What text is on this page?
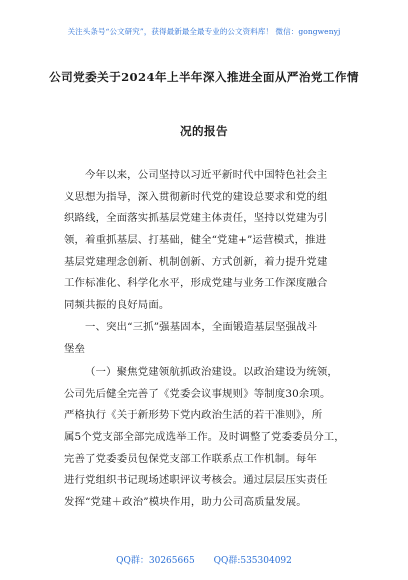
关注头条号“公文研究”，获得最新最全最专业的公文资料库！ 微信：gongwenyj
公司党委关于2024年上半年深入推进全面从严治党工作情
况的报告
今年以来，公司坚持以习近平新时代中国特色社会主
义思想为指导，深入贯彻新时代党的建设总要求和党的组
织路线，全面落实抓基层党建主体责任，坚持以党建为引
领，着重抓基层、打基础，健全“党建+”运营模式，推进
基层党建理念创新、机制创新、方式创新，着力提升党建
工作标准化、科学化水平，形成党建与业务工作深度融合
同频共振的良好局面。
一、突出“三抓”强基固本，全面锻造基层坚强战斗
堡垒
（一）聚焦党建领航抓政治建设。以政治建设为统领，
公司先后健全完善了《党委会议事规则》等制度30余项。
严格执行《关于新形势下党内政治生活的若干准则》，所
属5个党支部全部完成选举工作。及时调整了党委委员分工，
完善了党委委员包保党支部工作联系点工作机制。每年
进行党组织书记现场述职评议考核会。通过层层压实责任
发挥“党建＋政治”模块作用，助力公司高质量发展。
QQ群：30265665 QQ群:535304092
